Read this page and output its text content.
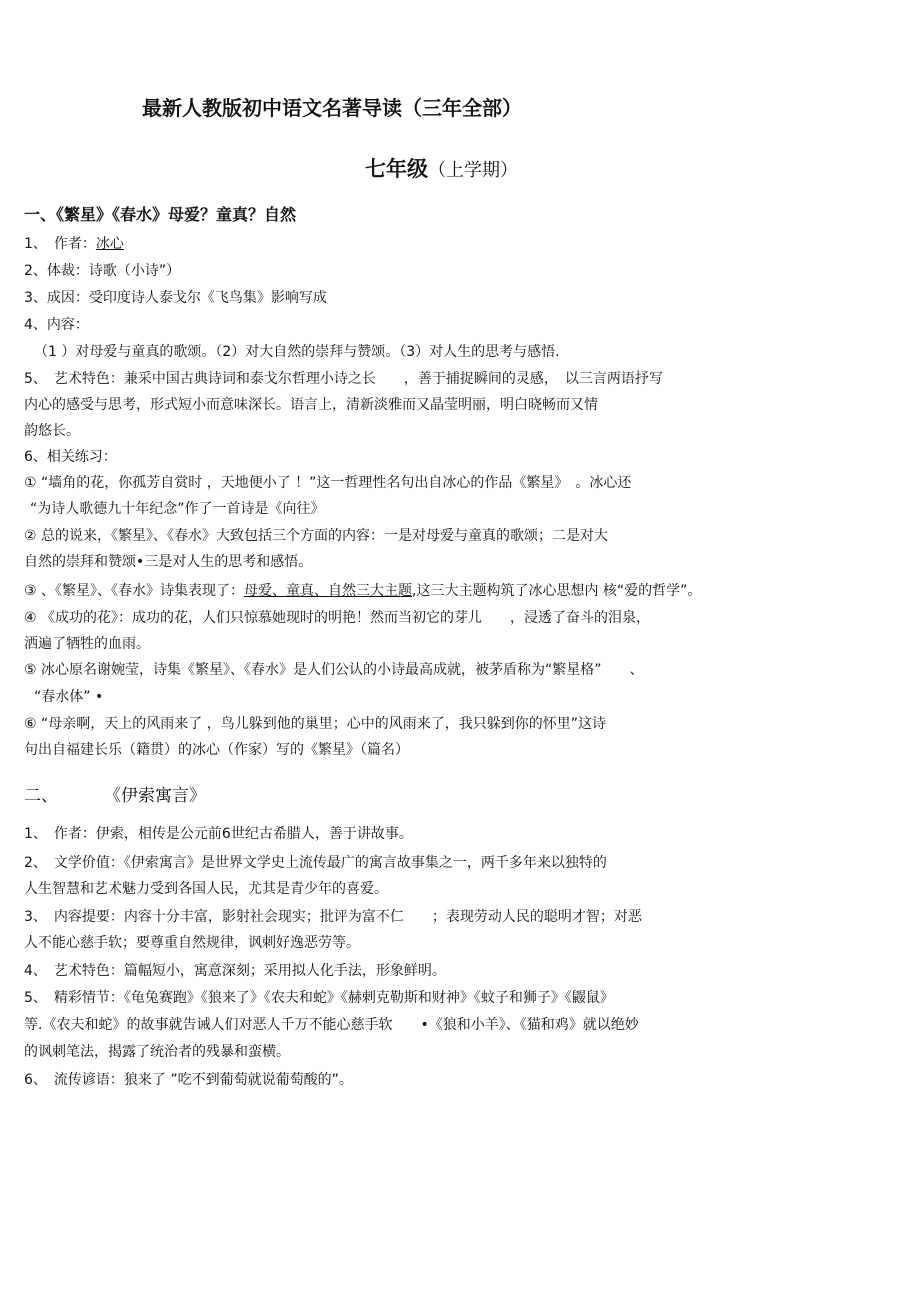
最新人教版初中语文名著导读（三年全部）
七年级（上学期）
一、《繁星》《春水》母爱？童真？自然
1、　作者：冰心
2、体裁：诗歌（小诗”）
3、成因：受印度诗人泰戈尔《飞鸟集》影响写成
4、内容：
（1 ）对母爱与童真的歌颂。（2）对大自然的崇拜与赞颂。（3）对人生的思考与感悟.
5、　艺术特色：兼采中国古典诗词和泰戈尔哲理小诗之长　　，善于捕捉瞬间的灵感，　以三言两语抒写
内心的感受与思考，形式短小而意味深长。语言上，清新淡雅而又晶莹明丽，明白晓畅而又情
韵悠长。
6、相关练习：
① “墙角的花，你孤芳自赏时 ，天地便小了 ！”这一哲理性名句出自冰心的作品《繁星》　。冰心还
“为诗人歌德九十年纪念”作了一首诗是《向往》
② 总的说来，《繁星》、《春水》大致包括三个方面的内容：一是对母爱与童真的歌颂；二是对大
自然的崇拜和赞颂•三是对人生的思考和感悟。
③ 、《繁星》、《春水》诗集表现了：母爱、童真、自然三大主题,这三大主题构筑了冰心思想内 核“爱的哲学”。
④ 《成功的花》：成功的花，人们只惊慕她现时的明艳！然而当初它的芽儿　　，浸透了奋斗的泪泉，
洒遍了牺牲的血雨。
⑤ 冰心原名谢婉莹，诗集《繁星》、《春水》是人们公认的小诗最高成就，被茅盾称为“繁星格”　　、
“春水体” •
⑥ “母亲啊，天上的风雨来了 ，鸟儿躲到他的巢里；心中的风雨来了，我只躲到你的怀里”这诗
句出自福建长乐（籍贯）的冰心（作家）写的《繁星》（篇名）
二、	《伊索寓言》
1、　作者：伊索，相传是公元前6世纪古希腊人，善于讲故事。
2、　文学价值：《伊索寓言》是世界文学史上流传最广的寓言故事集之一，两千多年来以独特的
人生智慧和艺术魅力受到各国人民，尤其是青少年的喜爱。
3、　内容提要：内容十分丰富，影射社会现实；批评为富不仁　　；表现劳动人民的聪明才智；对恶
人不能心慈手软；要尊重自然规律，讽刺好逸恶劳等。
4、　艺术特色：篇幅短小，寓意深刻；采用拟人化手法，形象鲜明。
5、　精彩情节：《龟兔赛跑》《狼来了》《农夫和蛇》《赫剌克勒斯和财神》《蚊子和狮子》《鼹鼠》
等.《农夫和蛇》的故事就告诫人们对恶人千万不能心慈手软　　•《狼和小羊》、《猫和鸡》就以绝妙
的讽刺笔法，揭露了统治者的残暴和蛮横。
6、　流传谚语：狼来了 ”吃不到葡萄就说葡萄酸的”。
